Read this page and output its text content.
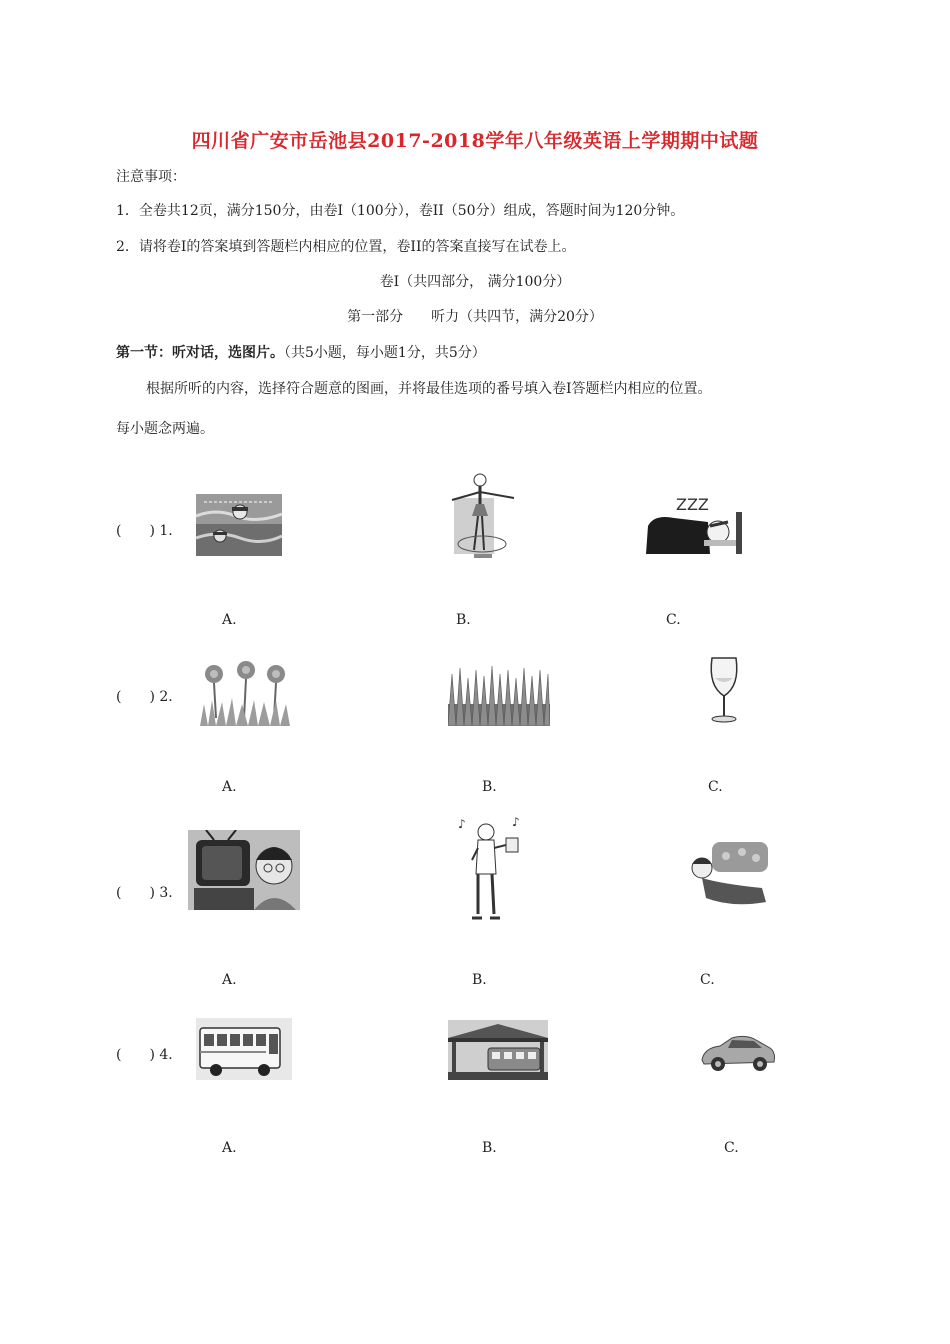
四川省广安市岳池县2017-2018学年八年级英语上学期期中试题
注意事项：
1．全卷共12页，满分150分，由卷Ⅰ（100分），卷II（50分）组成，答题时间为120分钟。
2．请将卷Ⅰ的答案填到答题栏内相应的位置，卷II的答案直接写在试卷上。
卷Ⅰ（共四部分， 满分100分）
第一部分　　听力（共四节，满分20分）
第一节：听对话，选图片。（共5小题，每小题1分，共5分）
根据所听的内容，选择符合题意的图画，并将最佳选项的番号填入卷Ⅰ答题栏内相应的位置。
每小题念两遍。
(　　) 1.
ZZZ
A.	B.	C.
(　　) 2.
A.	B.	C.
(　　) 3.
♪	♪
A.	B.	C.
(　　) 4.
A.	B.	C.
